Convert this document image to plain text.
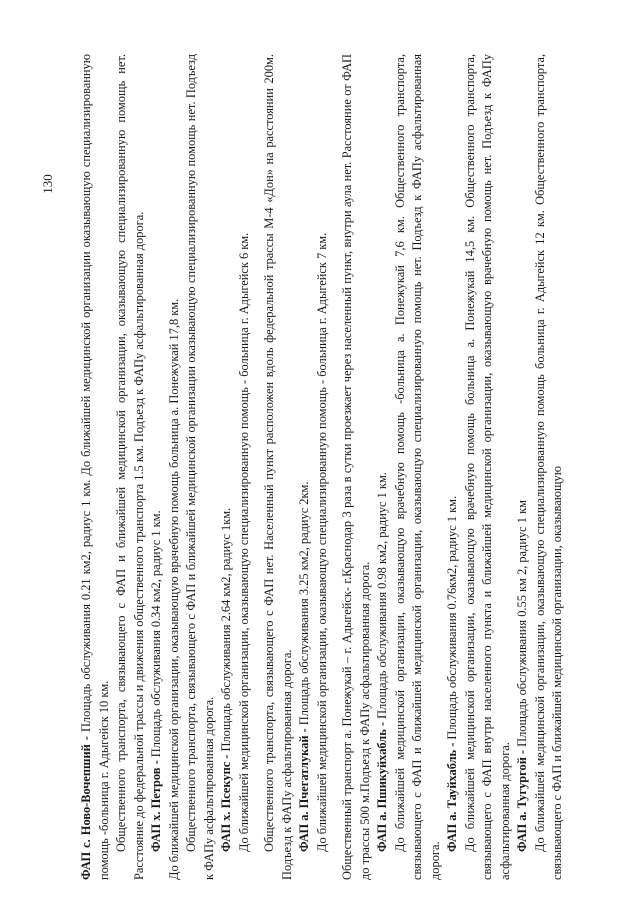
130

ФАП с. Ново-Вочепший - Площадь обслуживания 0.21 км2, радиус 1 км. До ближайшей медицинской организации оказывающую специализированную помощь -больница г. Адыгейск 10 км. Общественного транспорта, связывающего с ФАП и ближайшей медицинской организации, оказывающую специализированную помощь нет. Расстояние до федеральной трассы и движения общественного транспорта 1.5 км. Подъезд к ФАПу асфальтированная дорога. ФАП х. Петров - Площадь обслуживания 0.34 км2, радиус 1 км. До ближайшей медицинской организации, оказывающую врачебную помощь больница а. Понежукай 17,8 км. Общественного транспорта, связывающего с ФАП и ближайшей медицинской организации оказывающую специализированную помощь нет. Подъезд к ФАПу асфальтированная дорога. ФАП х. Псекупс - Площадь обслуживания 2.64 км2, радиус 1км. До ближайшей медицинской организации, оказывающую специализированную помощь - больница г. Адыгейск 6 км. Общественного транспорта, связывающего с ФАП нет. Населенный пункт расположен вдоль федеральной трассы М-4 «Дон» на расстоянии 200м. Подъезд к ФАПу асфальтированная дорога. ФАП а. Пчегатлукай - Площадь обслуживания 3.25 км2, радиус 2км. До ближайшей медицинской организации, оказывающую специализированную помощь - больница г. Адыгейск 7 км. Общественный транспорт а. Понежукай – г. Адыгейск- г.Краснодар 3 раза в сутки проезжает через населенный пункт, внутри аула нет. Расстояние от ФАП до трассы 500 м.Подъезд к ФАПу асфальтированная дорога. ФАП а. Пшикуйхабль - Площадь обслуживания 0.98 км2, радиус 1 км. До ближайшей медицинской организации, оказывающую врачебную помощь -больница а. Понежукай 7,6 км. Общественного транспорта, связывающего с ФАП и ближайшей медицинской организации, оказывающую специализированную помощь нет. Подъезд к ФАПу асфальтированная дорога.

ФАП а. Тауйхабль - Площадь обслуживания 0.76км2, радиус 1 км. До ближайшей медицинской организации, оказывающую врачебную помощь больница а. Понежукай 14,5 км. Общественного транспорта, связывающего с ФАП внутри населенного пункта и ближайшей медицинской организации, оказывающую врачебную помощь нет. Подъезд к ФАПу асфальтированная дорога. ФАП а. Тугургой - Площадь обслуживания 0.55 км 2, радиус 1 км До ближайшей медицинской организации, оказывающую специализированную помощь больница г. Адыгейск 12 км. Общественного транспорта, связывающего с ФАП и ближайшей медицинской организации, оказывающую
